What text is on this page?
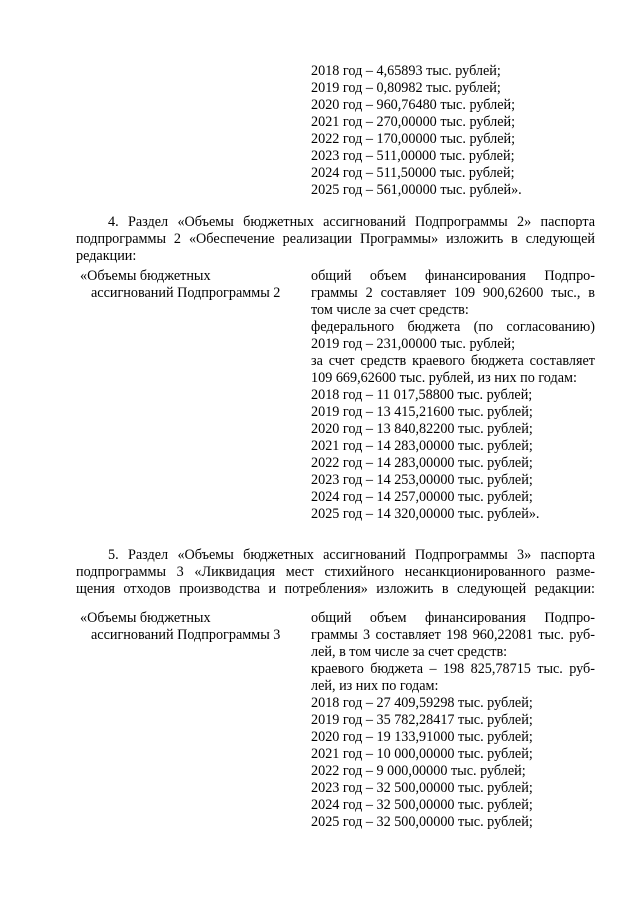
2018 год – 4,65893 тыс. рублей;

2019 год – 0,80982 тыс. рублей;

2020 год – 960,76480 тыс. рублей;

2021 год – 270,00000 тыс. рублей;

2022 год – 170,00000 тыс. рублей;

2023 год – 511,00000 тыс. рублей;

2024 год – 511,50000 тыс. рублей;

2025 год – 561,00000 тыс. рублей».

4. Раздел «Объемы бюджетных ассигнований Подпрограммы 2» паспорта

подпрограммы 2 «Обеспечение реализации Программы» изложить в следующей

редакции:

«Объемы бюджетных

ассигнований Подпрограммы 2

общий объем финансирования Подпро-

граммы 2 составляет 109 900,62600 тыс., в

том числе за счет средств:

федерального бюджета (по согласованию)

2019 год – 231,00000 тыс. рублей;

за счет средств краевого бюджета составляет

109 669,62600 тыс. рублей, из них по годам:

2018 год – 11 017,58800 тыс. рублей;

2019 год – 13 415,21600 тыс. рублей;

2020 год – 13 840,82200 тыс. рублей;

2021 год – 14 283,00000 тыс. рублей;

2022 год – 14 283,00000 тыс. рублей;

2023 год – 14 253,00000 тыс. рублей;

2024 год – 14 257,00000 тыс. рублей;

2025 год – 14 320,00000 тыс. рублей».

5. Раздел «Объемы бюджетных ассигнований Подпрограммы 3» паспорта

подпрограммы 3 «Ликвидация мест стихийного несанкционированного разме-

щения отходов производства и потребления» изложить в следующей редакции:

«Объемы бюджетных

ассигнований Подпрограммы 3

общий объем финансирования Подпро-

граммы 3 составляет 198 960,22081 тыс. руб-

лей, в том числе за счет средств:

краевого бюджета – 198 825,78715 тыс. руб-

лей, из них по годам:

2018 год – 27 409,59298 тыс. рублей;

2019 год – 35 782,28417 тыс. рублей;

2020 год – 19 133,91000 тыс. рублей;

2021 год – 10 000,00000 тыс. рублей;

2022 год – 9 000,00000 тыс. рублей;

2023 год – 32 500,00000 тыс. рублей;

2024 год – 32 500,00000 тыс. рублей;

2025 год – 32 500,00000 тыс. рублей;
